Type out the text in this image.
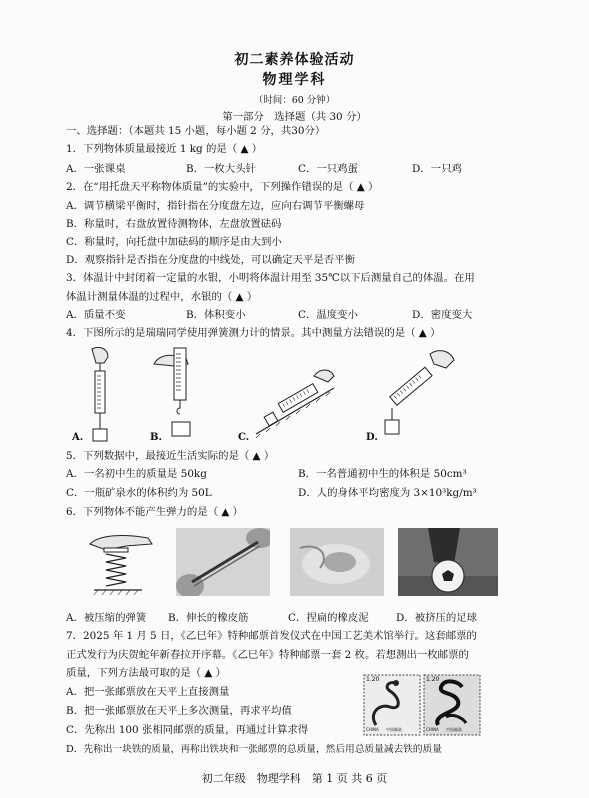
初二素养体验活动
物理学科
（时间：60 分钟）
第一部分　选择题（共 30 分）
一、选择题：（本题共 15 小题，每小题 2 分，共30分）
1．下列物体质量最接近 1 kg 的是（ ▲ ）
A．一张课桌	B．一枚大头针	C．一只鸡蛋	D．一只鸡
2．在“用托盘天平称物体质量”的实验中，下列操作错误的是（ ▲ ）
A．调节横梁平衡时，指针指在分度盘左边，应向右调节平衡螺母
B．称量时，右盘放置待测物体，左盘放置砝码
C．称量时，向托盘中加砝码的顺序是由大到小
D．观察指针是否指在分度盘的中线处，可以确定天平是否平衡
3．体温计中封闭着一定量的水银，小明将体温计用至 35℃以下后测量自己的体温。在用
体温计测量体温的过程中，水银的（ ▲ ）
A．质量不变	B．体积变小	C．温度变小	D．密度变大
4．下图所示的是瑞瑞同学使用弹簧测力计的情景。其中测量方法错误的是（ ▲ ）
A.	B.	C.	D.
5．下列数据中，最接近生活实际的是（ ▲ ）
A．一名初中生的质量是 50kg	B．一名普通初中生的体积是 50cm³
C．一瓶矿泉水的体积约为 50L	D．人的身体平均密度为 3×10³kg/m³
6．下列物体不能产生弹力的是（ ▲ ）
A．被压缩的弹簧 B．伸长的橡皮筋	C．捏扁的橡皮泥	D．被挤压的足球
7．2025 年 1 月 5 日，《乙巳年》特种邮票首发仪式在中国工艺美术馆举行。这套邮票的
正式发行为庆贺蛇年新春拉开序幕。《乙巳年》特种邮票一套 2 枚。若想测出一枚邮票的
质量，下列方法最可取的是（ ▲ ）
A．把一张邮票放在天平上直接测量
B．把一张邮票放在天平上多次测量，再求平均值
C．先称出 100 张相同邮票的质量，再通过计算求得
D．先称出一块铁的质量，再称出铁块和一张邮票的总质量，然后用总质量减去铁的质量
1.20	1.20
CHINA 中国邮政	CHINA 中国邮政
初二年级　物理学科　第 1 页 共 6 页
